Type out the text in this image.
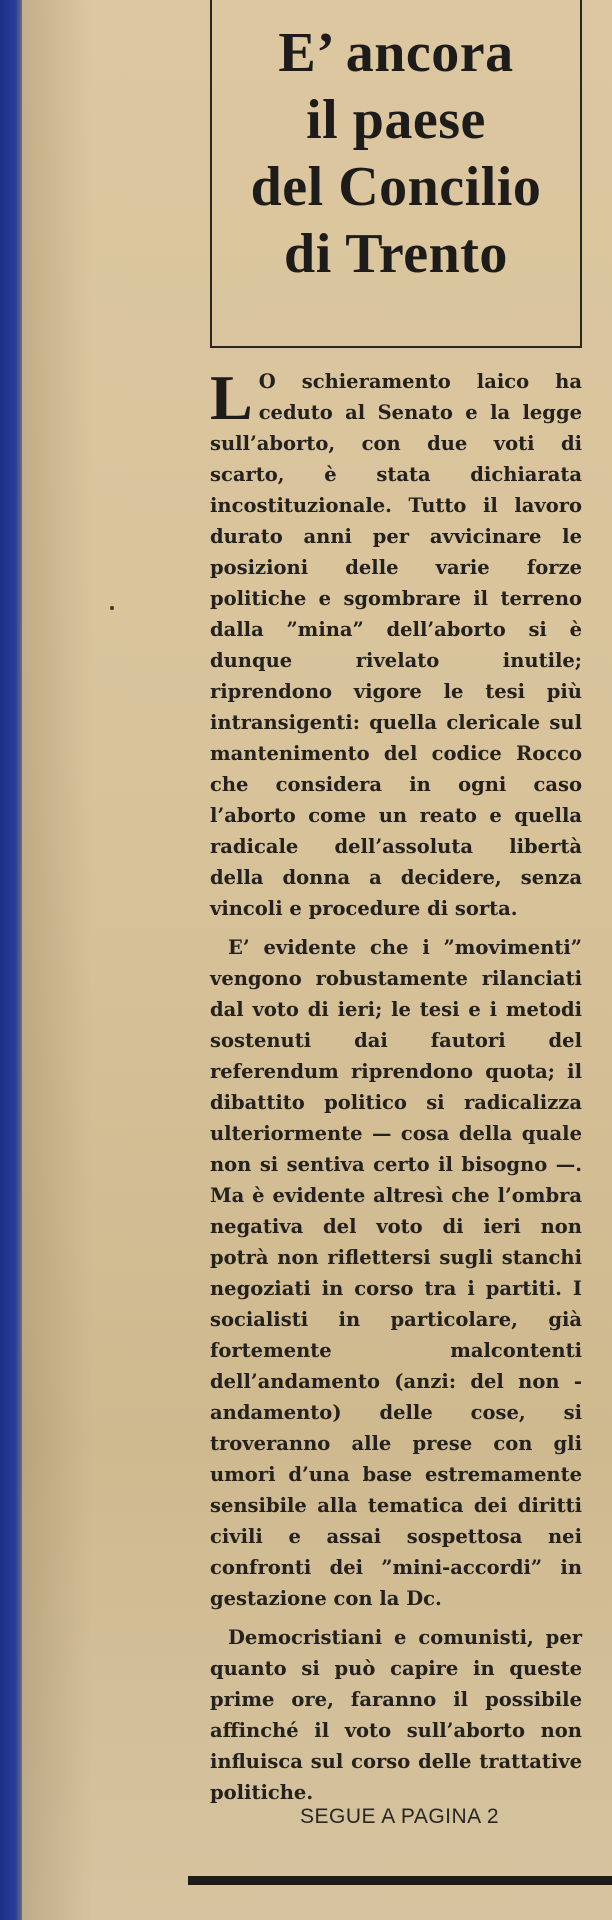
E’ ancora
il paese
del Concilio
di Trento

L O schieramento laico ha ceduto al Senato e la legge sull’aborto, con due voti di scarto, è stata dichiarata incostituzionale. Tutto il lavoro durato anni per avvicinare le posizioni delle varie forze politiche e sgombrare il terreno dalla ”mina” dell’aborto si è dunque rivelato inutile; riprendono vigore le tesi più intransigenti: quella clericale sul mantenimento del codice Rocco che considera in ogni caso l’aborto come un reato e quella radicale dell’assoluta libertà della donna a decidere, senza vincoli e procedure di sorta.

E’ evidente che i ”movimenti” vengono robustamente rilanciati dal voto di ieri; le tesi e i metodi sostenuti dai fautori del referendum riprendono quota; il dibattito politico si radicalizza ulteriormente — cosa della quale non si sentiva certo il bisogno —. Ma è evidente altresì che l’ombra negativa del voto di ieri non potrà non riflettersi sugli stanchi negoziati in corso tra i partiti. I socialisti in particolare, già fortemente malcontenti dell’andamento (anzi: del non - andamento) delle cose, si troveranno alle prese con gli umori d’una base estremamente sensibile alla tematica dei diritti civili e assai sospettosa nei confronti dei ”mini-accordi” in gestazione con la Dc.

Democristiani e comunisti, per quanto si può capire in queste prime ore, faranno il possibile affinché il voto sull’aborto non influisca sul corso delle trattative politiche.

SEGUE A PAGINA 2
